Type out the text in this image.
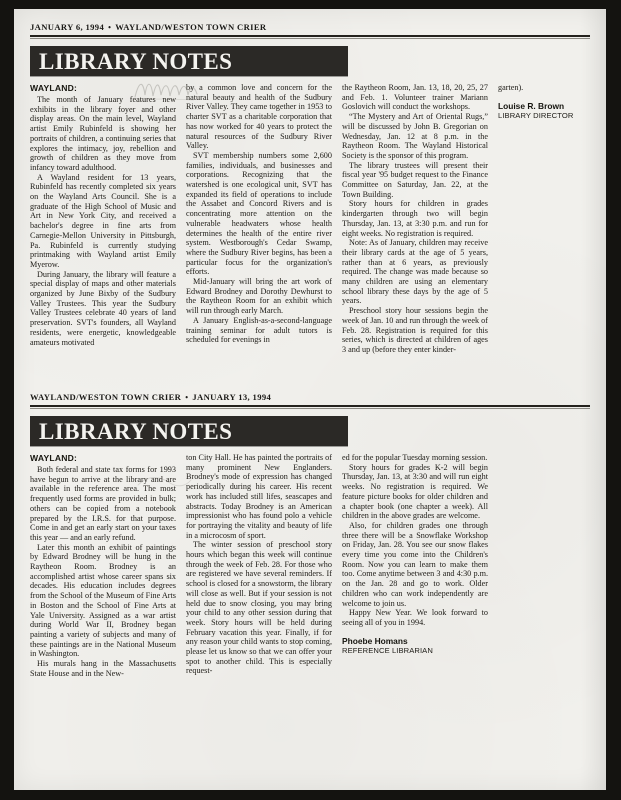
JANUARY 6, 1994 • WAYLAND/WESTON TOWN CRIER
LIBRARY NOTES
WAYLAND:

The month of January features new exhibits in the library foyer and other display areas. On the main level, Wayland artist Emily Rubinfeld is showing her portraits of children, a continuing series that explores the intimacy, joy, rebellion and growth of children as they move from infancy toward adulthood.

A Wayland resident for 13 years, Rubinfeld has recently completed six years on the Wayland Arts Council. She is a graduate of the High School of Music and Art in New York City, and received a bachelor's degree in fine arts from Carnegie-Mellon University in Pittsburgh, Pa. Rubinfeld is currently studying printmaking with Wayland artist Emily Myerow.

During January, the library will feature a special display of maps and other materials organized by June Bixby of the Sudbury Valley Trustees. This year the Sudbury Valley Trustees celebrate 40 years of land preservation. SVT's founders, all Wayland residents, were energetic, knowledgeable amateurs motivated

by a common love and concern for the natural beauty and health of the Sudbury River Valley. They came together in 1953 to charter SVT as a charitable corporation that has now worked for 40 years to protect the natural resources of the Sudbury River Valley.

SVT membership numbers some 2,600 families, individuals, and businesses and corporations. Recognizing that the watershed is one ecological unit, SVT has expanded its field of operations to include the Assabet and Concord Rivers and is concentrating more attention on the vulnerable headwaters whose health determines the health of the entire river system. Westborough's Cedar Swamp, where the Sudbury River begins, has been a particular focus for the organization's efforts.

Mid-January will bring the art work of Edward Brodney and Dorothy Dewhurst to the Raytheon Room for an exhibit which will run through early March.

A January English-as-a-second-language training seminar for adult tutors is scheduled for evenings in

the Raytheon Room, Jan. 13, 18, 20, 25, 27 and Feb. 1. Volunteer trainer Mariann Goslovich will conduct the workshops.

“The Mystery and Art of Oriental Rugs,” will be discussed by John B. Gregorian on Wednesday, Jan. 12 at 8 p.m. in the Raytheon Room. The Wayland Historical Society is the sponsor of this program.

The library trustees will present their fiscal year '95 budget request to the Finance Committee on Saturday, Jan. 22, at the Town Building.

Story hours for children in grades kindergarten through two will begin Thursday, Jan. 13, at 3:30 p.m. and run for eight weeks. No registration is required.

Note: As of January, children may receive their library cards at the age of 5 years, rather than at 6 years, as previously required. The change was made because so many children are using an elementary school library these days by the age of 5 years.

Preschool story hour sessions begin the week of Jan. 10 and run through the week of Feb. 28. Registration is required for this series, which is directed at children of ages 3 and up (before they enter kinder-

garten).

Louise R. Brown
LIBRARY DIRECTOR
WAYLAND/WESTON TOWN CRIER • JANUARY 13, 1994
LIBRARY NOTES
WAYLAND:

Both federal and state tax forms for 1993 have begun to arrive at the library and are available in the reference area. The most frequently used forms are provided in bulk; others can be copied from a notebook prepared by the I.R.S. for that purpose. Come in and get an early start on your taxes this year — and an early refund.

Later this month an exhibit of paintings by Edward Brodney will be hung in the Raytheon Room. Brodney is an accomplished artist whose career spans six decades. His education includes degrees from the School of the Museum of Fine Arts in Boston and the School of Fine Arts at Yale University. Assigned as a war artist during World War II, Brodney began painting a variety of subjects and many of these paintings are in the National Museum in Washington.

His murals hang in the Massachusetts State House and in the New-

ton City Hall. He has painted the portraits of many prominent New Englanders. Brodney's mode of expression has changed periodically during his career. His recent work has included still lifes, seascapes and abstracts. Today Brodney is an American impressionist who has found polo a vehicle for portraying the vitality and beauty of life in a microcosm of sport.

The winter session of preschool story hours which began this week will continue through the week of Feb. 28. For those who are registered we have several reminders. If school is closed for a snowstorm, the library will close as well. But if your session is not held due to snow closing, you may bring your child to any other session during that week. Story hours will be held during February vacation this year. Finally, if for any reason your child wants to stop coming, please let us know so that we can offer your spot to another child. This is especially request-

ed for the popular Tuesday morning session.

Story hours for grades K-2 will begin Thursday, Jan. 13, at 3:30 and will run eight weeks. No registration is required. We feature picture books for older children and a chapter book (one chapter a week). All children in the above grades are welcome.

Also, for children grades one through three there will be a Snowflake Workshop on Friday, Jan. 28. You see our snow flakes every time you come into the Children's Room. Now you can learn to make them too. Come anytime between 3 and 4:30 p.m. on the Jan. 28 and go to work. Older children who can work independently are welcome to join us.

Happy New Year. We look forward to seeing all of you in 1994.

Phoebe Homans
REFERENCE LIBRARIAN
